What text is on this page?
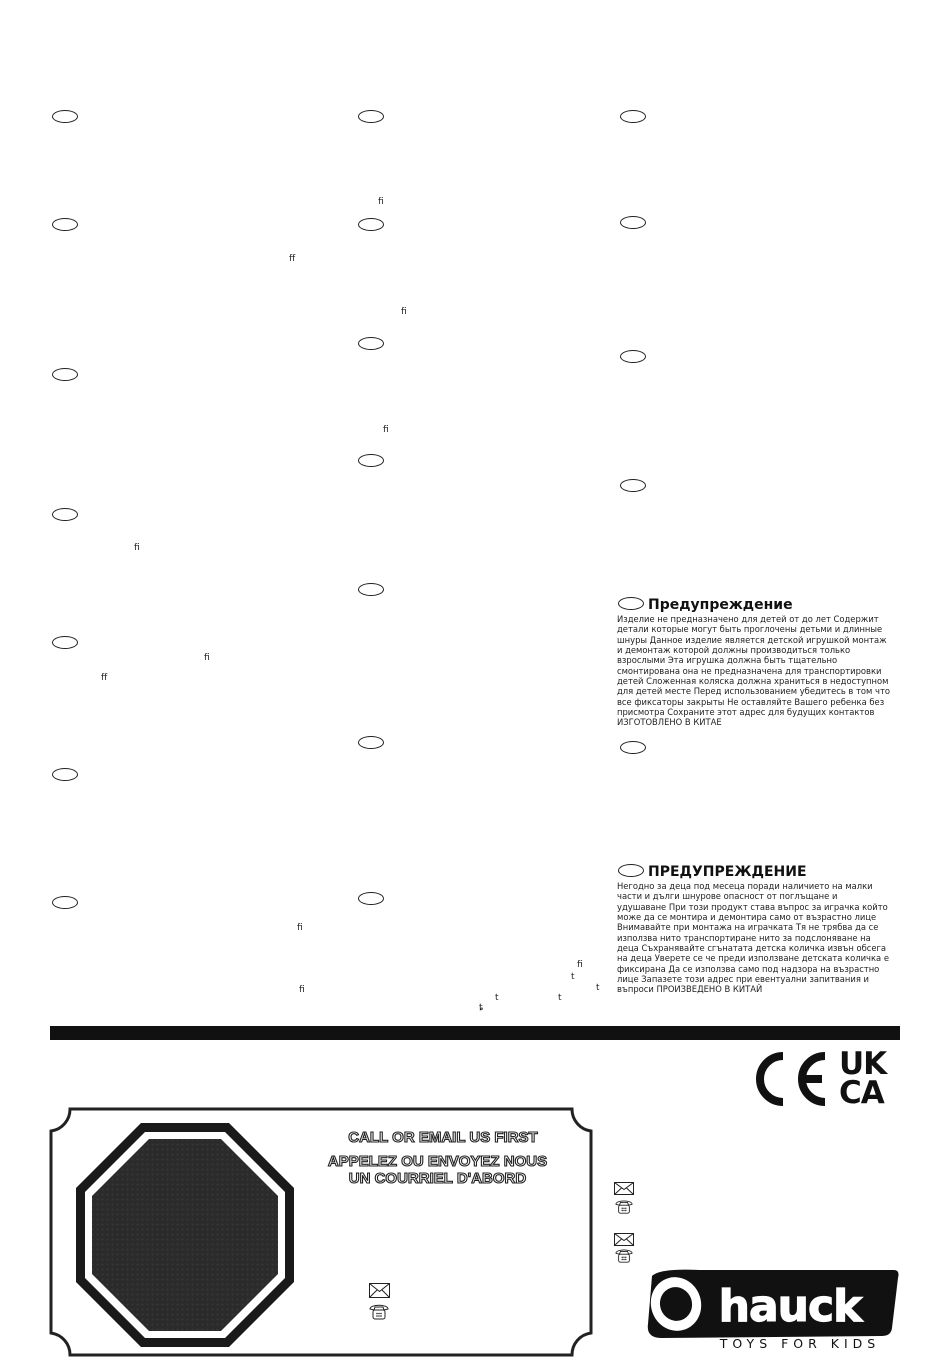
ﬁ
ﬀ
ﬁ
ﬁ
ﬁ
ﬁ
ﬀ
ﬁ
ﬁ
ﬁ
t
t
t	t
ȶ
Предупреждение
Изделие не предназначено для детей от до лет Содержит
детали которые могут быть проглочены детьми и длинные
шнуры Данное изделие является детской игрушкой монтаж
и демонтаж которой должны производиться только
взрослыми Эта игрушка должна быть тщательно
смонтирована она не предназначена для транспортировки
детей Сложенная коляска должна храниться в недоступном
для детей месте Перед использованием убедитесь в том что
все фиксаторы закрыты Не оставляйте Вашего ребенка без
присмотра Сохраните этот адрес для будущих контактов
ИЗГОТОВЛЕНО В КИТАЕ
ПРЕДУПРЕЖДЕНИЕ
Негодно за деца под месеца поради наличието на малки
части и дълги шнурове опасност от поглъщане и
удушаване При този продукт става въпрос за играчка който
може да се монтира и демонтира само от възрастно лице
Внимавайте при монтажа на играчката Тя не трябва да се
използва нито транспортиране нито за подслоняване на
деца Съхранявайте сгънатата детска количка извън обсега
на деца Уверете се че преди използване детската количка е
фиксирана Да се използва само под надзора на възрастно
лице Запазете този адрес при евентуални запитвания и
въпроси ПРОИЗВЕДЕНО В КИТАЙ
UK
CA
CALL OR EMAIL US FIRST
APPELEZ OU ENVOYEZ NOUS
UN COURRIEL D'ABORD
hauck
TOYS FOR KIDS
